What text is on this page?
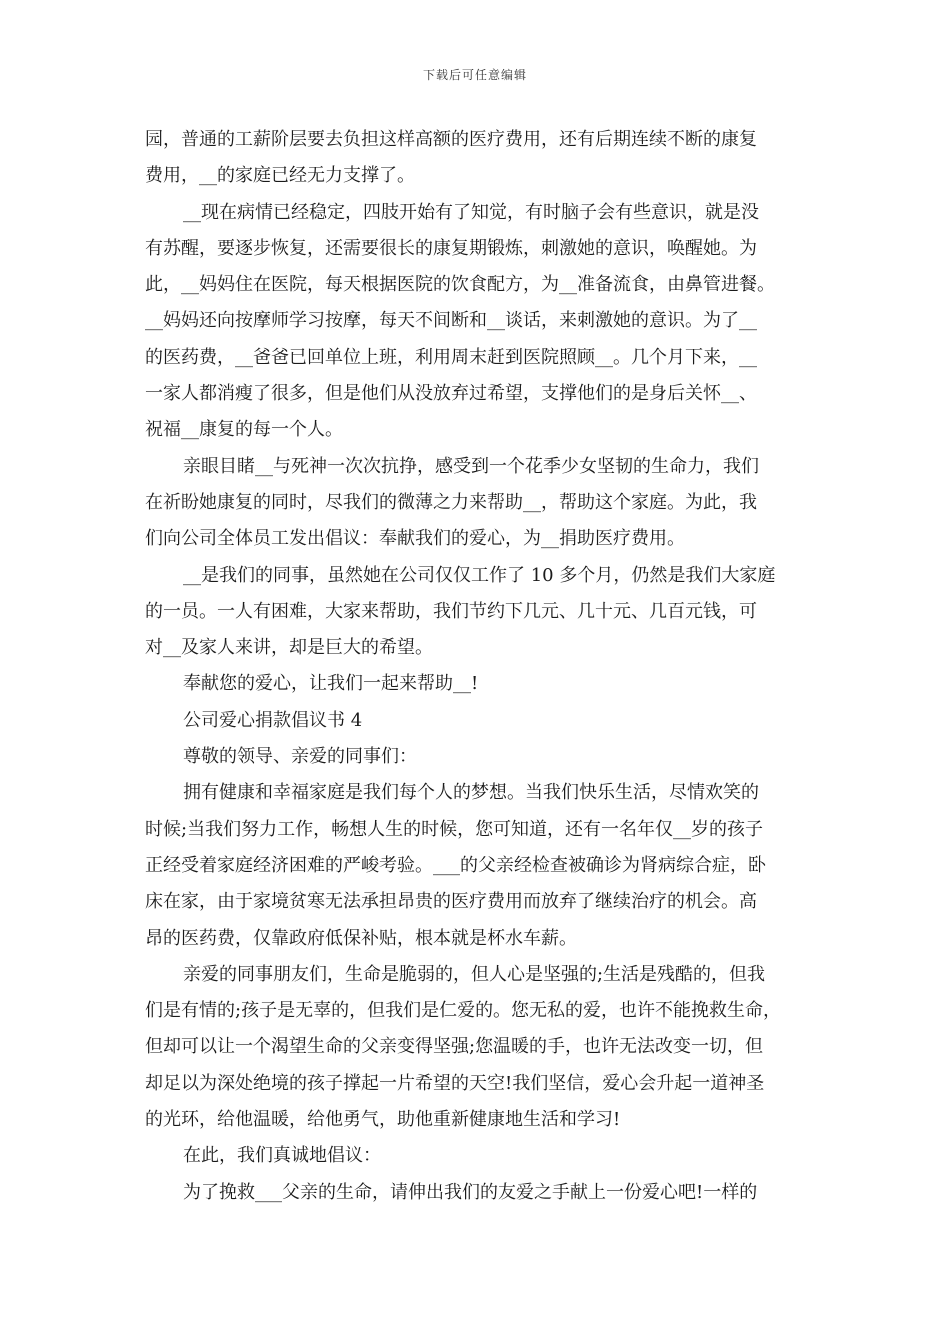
下载后可任意编辑
园，普通的工薪阶层要去负担这样高额的医疗费用，还有后期连续不断的康复
费用，__的家庭已经无力支撑了。
__现在病情已经稳定，四肢开始有了知觉，有时脑子会有些意识，就是没
有苏醒，要逐步恢复，还需要很长的康复期锻炼，刺激她的意识，唤醒她。为
此，__妈妈住在医院，每天根据医院的饮食配方，为__准备流食，由鼻管进餐。
__妈妈还向按摩师学习按摩，每天不间断和__谈话，来刺激她的意识。为了__
的医药费，__爸爸已回单位上班，利用周末赶到医院照顾__。几个月下来，__
一家人都消瘦了很多，但是他们从没放弃过希望，支撑他们的是身后关怀__、
祝福__康复的每一个人。
亲眼目睹__与死神一次次抗挣，感受到一个花季少女坚韧的生命力，我们
在祈盼她康复的同时，尽我们的微薄之力来帮助__，帮助这个家庭。为此，我
们向公司全体员工发出倡议：奉献我们的爱心，为__捐助医疗费用。
__是我们的同事，虽然她在公司仅仅工作了 10 多个月，仍然是我们大家庭
的一员。一人有困难，大家来帮助，我们节约下几元、几十元、几百元钱，可
对__及家人来讲，却是巨大的希望。
奉献您的爱心，让我们一起来帮助__!
公司爱心捐款倡议书 4
尊敬的领导、亲爱的同事们：
拥有健康和幸福家庭是我们每个人的梦想。当我们快乐生活，尽情欢笑的
时候;当我们努力工作，畅想人生的时候，您可知道，还有一名年仅__岁的孩子
正经受着家庭经济困难的严峻考验。___的父亲经检查被确诊为肾病综合症，卧
床在家，由于家境贫寒无法承担昂贵的医疗费用而放弃了继续治疗的机会。高
昂的医药费，仅靠政府低保补贴，根本就是杯水车薪。
亲爱的同事朋友们，生命是脆弱的，但人心是坚强的;生活是残酷的，但我
们是有情的;孩子是无辜的，但我们是仁爱的。您无私的爱，也许不能挽救生命，
但却可以让一个渴望生命的父亲变得坚强;您温暖的手，也许无法改变一切，但
却足以为深处绝境的孩子撑起一片希望的天空!我们坚信，爱心会升起一道神圣
的光环，给他温暖，给他勇气，助他重新健康地生活和学习!
在此，我们真诚地倡议：
为了挽救___父亲的生命，请伸出我们的友爱之手献上一份爱心吧!一样的
